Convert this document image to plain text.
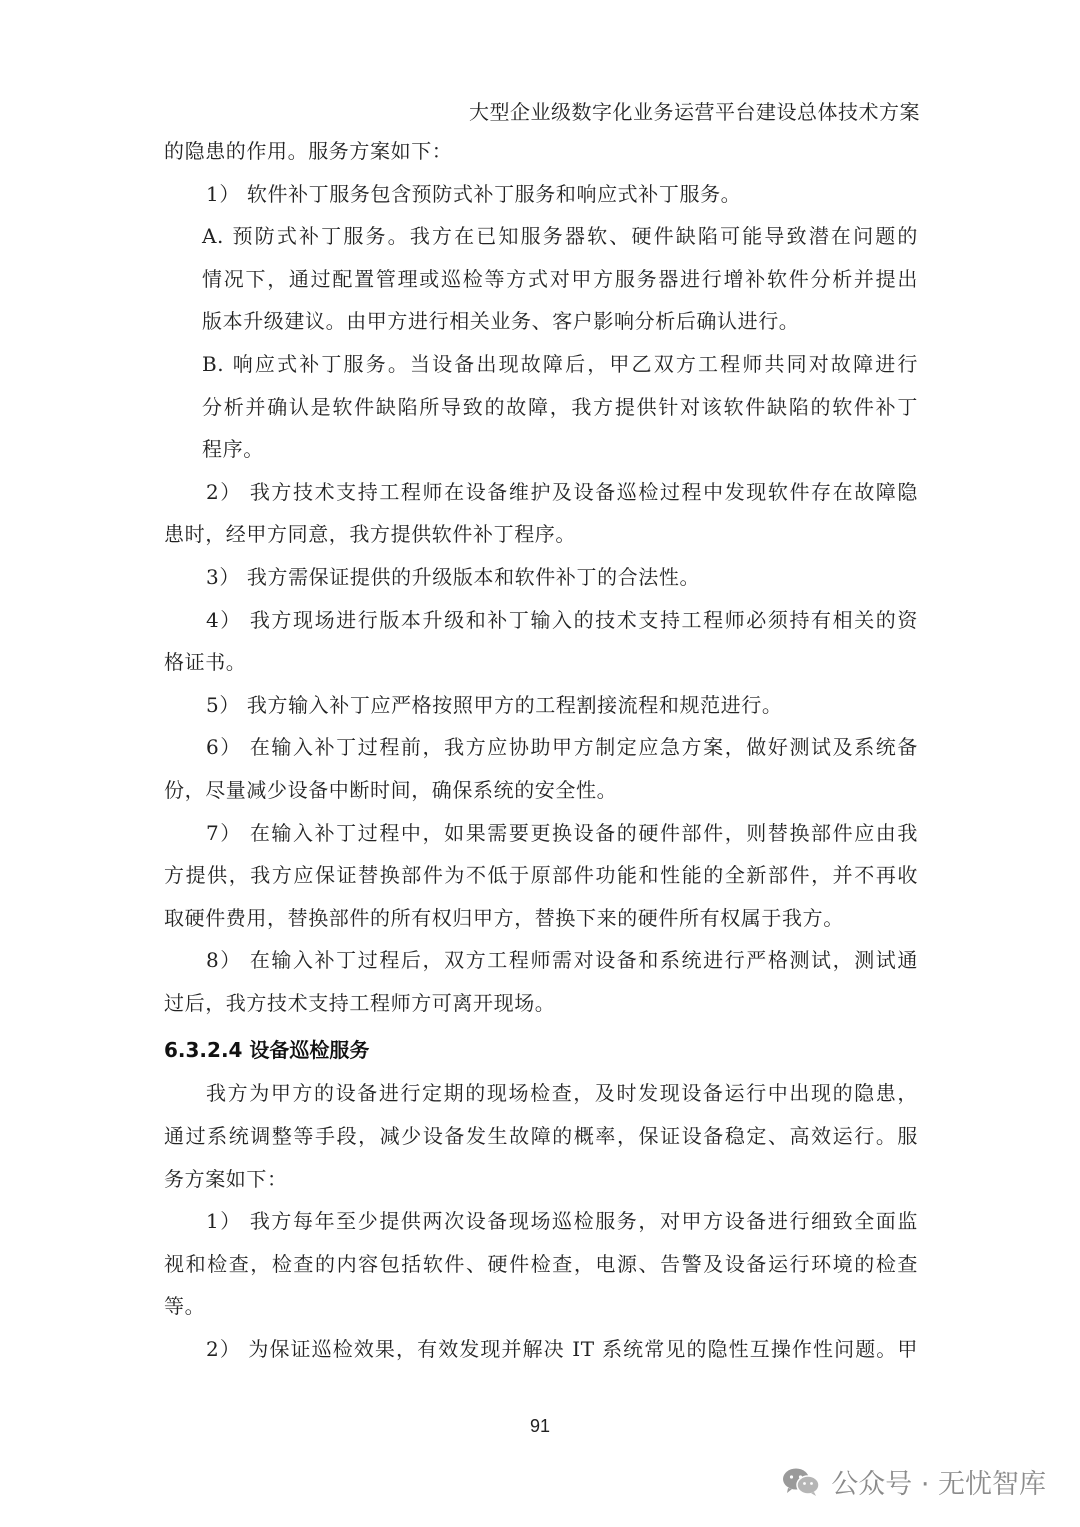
大型企业级数字化业务运营平台建设总体技术方案
的隐患的作用。服务方案如下：
1） 软件补丁服务包含预防式补丁服务和响应式补丁服务。
A. 预防式补丁服务。我方在已知服务器软、硬件缺陷可能导致潜在问题的
情况下，通过配置管理或巡检等方式对甲方服务器进行增补软件分析并提出
版本升级建议。由甲方进行相关业务、客户影响分析后确认进行。
B. 响应式补丁服务。当设备出现故障后，甲乙双方工程师共同对故障进行
分析并确认是软件缺陷所导致的故障，我方提供针对该软件缺陷的软件补丁
程序。
2） 我方技术支持工程师在设备维护及设备巡检过程中发现软件存在故障隐
患时，经甲方同意，我方提供软件补丁程序。
3） 我方需保证提供的升级版本和软件补丁的合法性。
4） 我方现场进行版本升级和补丁输入的技术支持工程师必须持有相关的资
格证书。
5） 我方输入补丁应严格按照甲方的工程割接流程和规范进行。
6） 在输入补丁过程前，我方应协助甲方制定应急方案，做好测试及系统备
份，尽量减少设备中断时间，确保系统的安全性。
7） 在输入补丁过程中，如果需要更换设备的硬件部件，则替换部件应由我
方提供，我方应保证替换部件为不低于原部件功能和性能的全新部件，并不再收
取硬件费用，替换部件的所有权归甲方，替换下来的硬件所有权属于我方。
8） 在输入补丁过程后，双方工程师需对设备和系统进行严格测试，测试通
过后，我方技术支持工程师方可离开现场。
6.3.2.4 设备巡检服务
我方为甲方的设备进行定期的现场检查，及时发现设备运行中出现的隐患，
通过系统调整等手段，减少设备发生故障的概率，保证设备稳定、高效运行。服
务方案如下：
1） 我方每年至少提供两次设备现场巡检服务，对甲方设备进行细致全面监
视和检查，检查的内容包括软件、硬件检查，电源、告警及设备运行环境的检查
等。
2） 为保证巡检效果，有效发现并解决 IT 系统常见的隐性互操作性问题。甲
91
公众号 · 无忧智库
